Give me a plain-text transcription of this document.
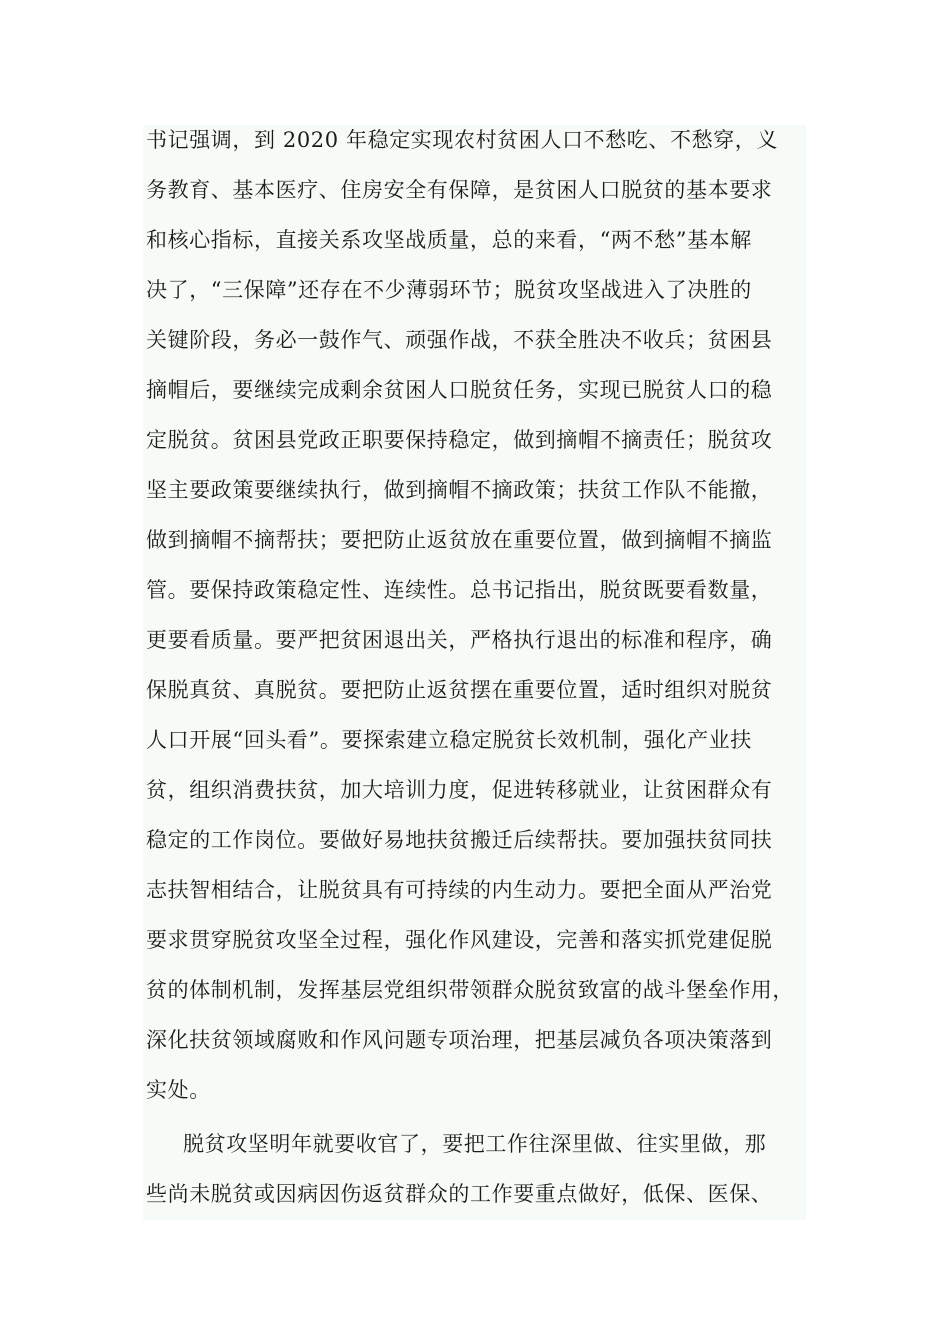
书记强调，到 2020 年稳定实现农村贫困人口不愁吃、不愁穿，义
务教育、基本医疗、住房安全有保障，是贫困人口脱贫的基本要求
和核心指标，直接关系攻坚战质量，总的来看，“两不愁”基本解
决了，“三保障”还存在不少薄弱环节；脱贫攻坚战进入了决胜的
关键阶段，务必一鼓作气、顽强作战，不获全胜决不收兵；贫困县
摘帽后，要继续完成剩余贫困人口脱贫任务，实现已脱贫人口的稳
定脱贫。贫困县党政正职要保持稳定，做到摘帽不摘责任；脱贫攻
坚主要政策要继续执行，做到摘帽不摘政策；扶贫工作队不能撤，
做到摘帽不摘帮扶；要把防止返贫放在重要位置，做到摘帽不摘监
管。要保持政策稳定性、连续性。总书记指出，脱贫既要看数量，
更要看质量。要严把贫困退出关，严格执行退出的标准和程序，确
保脱真贫、真脱贫。要把防止返贫摆在重要位置，适时组织对脱贫
人口开展“回头看”。要探索建立稳定脱贫长效机制，强化产业扶
贫，组织消费扶贫，加大培训力度，促进转移就业，让贫困群众有
稳定的工作岗位。要做好易地扶贫搬迁后续帮扶。要加强扶贫同扶
志扶智相结合，让脱贫具有可持续的内生动力。要把全面从严治党
要求贯穿脱贫攻坚全过程，强化作风建设，完善和落实抓党建促脱
贫的体制机制，发挥基层党组织带领群众脱贫致富的战斗堡垒作用，
深化扶贫领域腐败和作风问题专项治理，把基层减负各项决策落到
实处。
脱贫攻坚明年就要收官了，要把工作往深里做、往实里做，那
些尚未脱贫或因病因伤返贫群众的工作要重点做好，低保、医保、
